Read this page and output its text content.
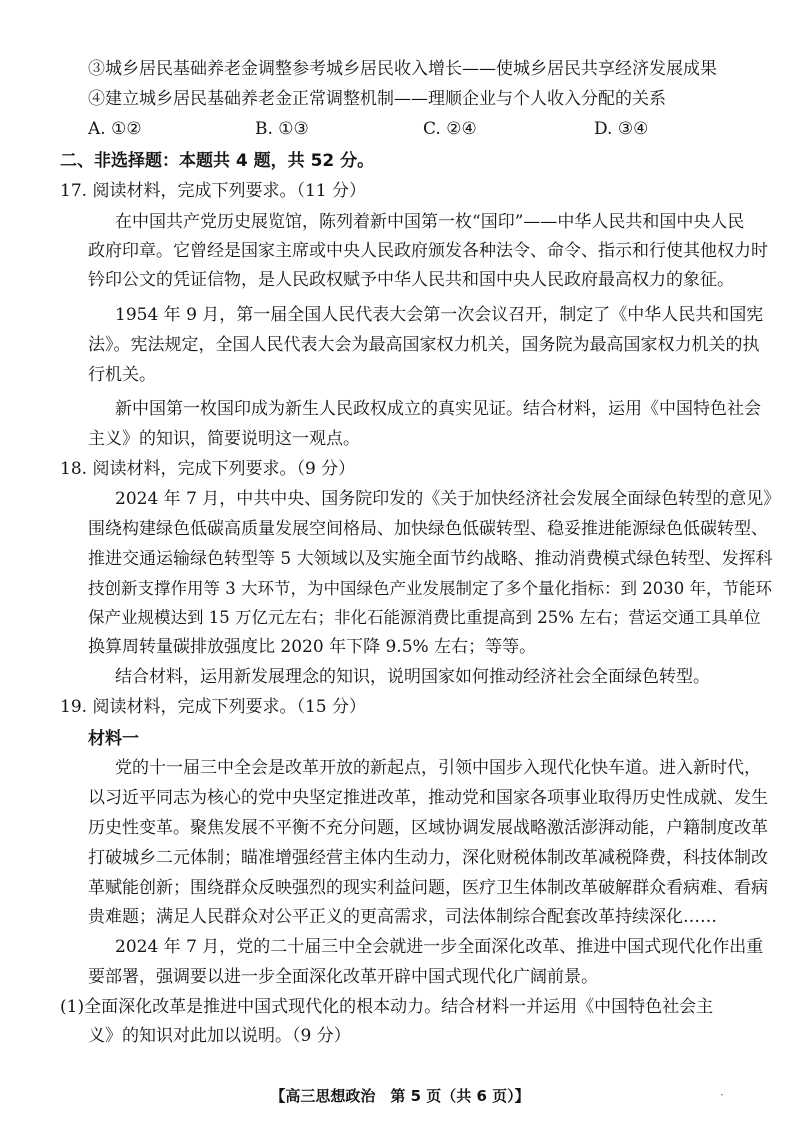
③城乡居民基础养老金调整参考城乡居民收入增长——使城乡居民共享经济发展成果
④建立城乡居民基础养老金正常调整机制——理顺企业与个人收入分配的关系
A. ①②	B. ①③	C. ②④	D. ③④
二、非选择题：本题共 4 题，共 52 分。
17. 阅读材料，完成下列要求。（11 分）
在中国共产党历史展览馆，陈列着新中国第一枚“国印”——中华人民共和国中央人民
政府印章。它曾经是国家主席或中央人民政府颁发各种法令、命令、指示和行使其他权力时
钤印公文的凭证信物，是人民政权赋予中华人民共和国中央人民政府最高权力的象征。
1954 年 9 月，第一届全国人民代表大会第一次会议召开，制定了《中华人民共和国宪
法》。宪法规定，全国人民代表大会为最高国家权力机关，国务院为最高国家权力机关的执
行机关。
新中国第一枚国印成为新生人民政权成立的真实见证。结合材料，运用《中国特色社会
主义》的知识，简要说明这一观点。
18. 阅读材料，完成下列要求。（9 分）
2024 年 7 月，中共中央、国务院印发的《关于加快经济社会发展全面绿色转型的意见》
围绕构建绿色低碳高质量发展空间格局、加快绿色低碳转型、稳妥推进能源绿色低碳转型、
推进交通运输绿色转型等 5 大领域以及实施全面节约战略、推动消费模式绿色转型、发挥科
技创新支撑作用等 3 大环节，为中国绿色产业发展制定了多个量化指标：到 2030 年，节能环
保产业规模达到 15 万亿元左右；非化石能源消费比重提高到 25% 左右；营运交通工具单位
换算周转量碳排放强度比 2020 年下降 9.5% 左右；等等。
结合材料，运用新发展理念的知识，说明国家如何推动经济社会全面绿色转型。
19. 阅读材料，完成下列要求。（15 分）
材料一
党的十一届三中全会是改革开放的新起点，引领中国步入现代化快车道。进入新时代，
以习近平同志为核心的党中央坚定推进改革，推动党和国家各项事业取得历史性成就、发生
历史性变革。聚焦发展不平衡不充分问题，区域协调发展战略激活澎湃动能，户籍制度改革
打破城乡二元体制；瞄准增强经营主体内生动力，深化财税体制改革减税降费，科技体制改
革赋能创新；围绕群众反映强烈的现实利益问题，医疗卫生体制改革破解群众看病难、看病
贵难题；满足人民群众对公平正义的更高需求，司法体制综合配套改革持续深化……
2024 年 7 月，党的二十届三中全会就进一步全面深化改革、推进中国式现代化作出重
要部署，强调要以进一步全面深化改革开辟中国式现代化广阔前景。
(1)全面深化改革是推进中国式现代化的根本动力。结合材料一并运用《中国特色社会主
义》的知识对此加以说明。（9 分）
【高三思想政治　第 5 页（共 6 页）】	·
